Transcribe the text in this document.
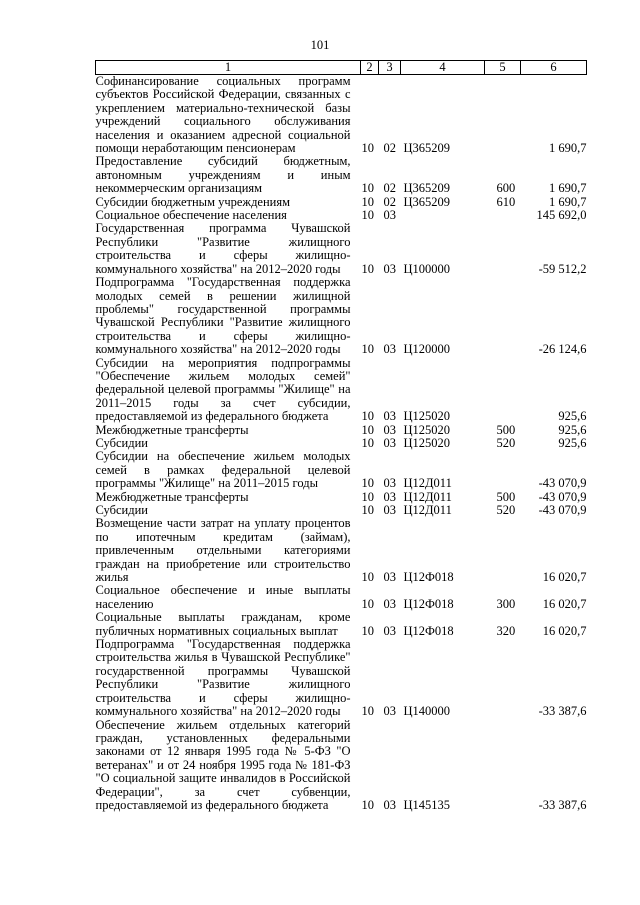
101
1	2	3	4	5	6
Софинансирование социальных программ субъектов Российской Федерации, связанных с укреплением материально-технической базы учреждений социального обслуживания населения и оказанием адресной социальной помощи неработающим пенсионерам	10	02	Ц365209		1 690,7
Предоставление субсидий бюджетным, автономным учреждениям и иным некоммерческим организациям	10	02	Ц365209	600	1 690,7
Субсидии бюджетным учреждениям	10	02	Ц365209	610	1 690,7
Социальное обеспечение населения	10	03			145 692,0
Государственная программа Чувашской Республики "Развитие жилищного строительства и сферы жилищно-коммунального хозяйства" на 2012–2020 годы	10	03	Ц100000		-59 512,2
Подпрограмма "Государственная поддержка молодых семей в решении жилищной проблемы" государственной программы Чувашской Республики "Развитие жилищного строительства и сферы жилищно-коммунального хозяйства" на 2012–2020 годы	10	03	Ц120000		-26 124,6
Субсидии на мероприятия подпрограммы "Обеспечение жильем молодых семей" федеральной целевой программы "Жилище" на 2011–2015 годы за счет субсидии, предоставляемой из федерального бюджета	10	03	Ц125020		925,6
Межбюджетные трансферты	10	03	Ц125020	500	925,6
Субсидии	10	03	Ц125020	520	925,6
Субсидии на обеспечение жильем молодых семей в рамках федеральной целевой программы "Жилище" на 2011–2015 годы	10	03	Ц12Д011		-43 070,9
Межбюджетные трансферты	10	03	Ц12Д011	500	-43 070,9
Субсидии	10	03	Ц12Д011	520	-43 070,9
Возмещение части затрат на уплату процентов по ипотечным кредитам (займам), привлеченным отдельными категориями граждан на приобретение или строительство жилья	10	03	Ц12Ф018		16 020,7
Социальное обеспечение и иные выплаты населению	10	03	Ц12Ф018	300	16 020,7
Социальные выплаты гражданам, кроме публичных нормативных социальных выплат	10	03	Ц12Ф018	320	16 020,7
Подпрограмма "Государственная поддержка строительства жилья в Чувашской Республике" государственной программы Чувашской Республики "Развитие жилищного строительства и сферы жилищно-коммунального хозяйства" на 2012–2020 годы	10	03	Ц140000		-33 387,6
Обеспечение жильем отдельных категорий граждан, установленных федеральными законами от 12 января 1995 года № 5-ФЗ "О ветеранах" и от 24 ноября 1995 года № 181-ФЗ "О социальной защите инвалидов в Российской Федерации", за счет субвенции, предоставляемой из федерального бюджета	10	03	Ц145135		-33 387,6
